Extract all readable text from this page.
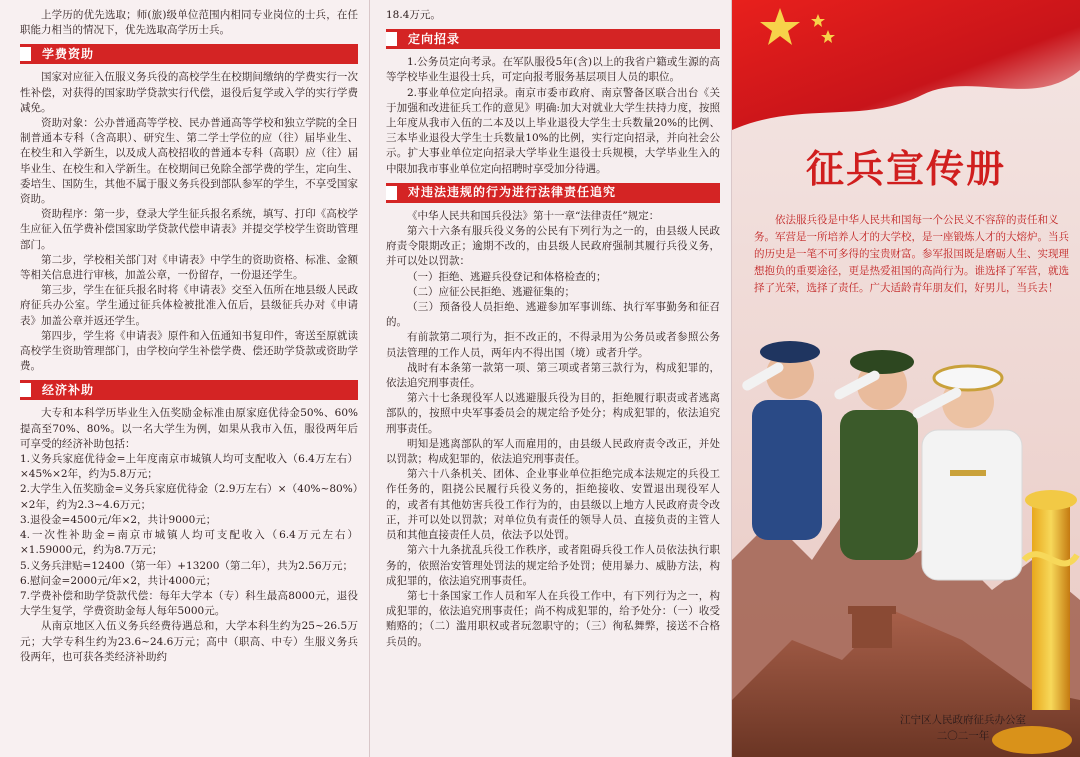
上学历的优先选取；师(旅)级单位范围内相同专业岗位的士兵，在任职能力相当的情况下，优先选取高学历士兵。

学费资助

国家对应征入伍服义务兵役的高校学生在校期间缴纳的学费实行一次性补偿，对获得的国家助学贷款实行代偿，退役后复学或入学的实行学费减免。

资助对象：公办普通高等学校、民办普通高等学校和独立学院的全日制普通本专科（含高职）、研究生、第二学士学位的应（往）届毕业生、在校生和入学新生，以及成人高校招收的普通本专科（高职）应（往）届毕业生、在校生和入学新生。在校期间已免除全部学费的学生，定向生、委培生、国防生，其他不属于服义务兵役到部队参军的学生，不享受国家资助。

资助程序：第一步，登录大学生征兵报名系统，填写、打印《高校学生应征入伍学费补偿国家助学贷款代偿申请表》并提交学校学生资助管理部门。

第二步，学校相关部门对《申请表》中学生的资助资格、标准、金额等相关信息进行审核，加盖公章，一份留存，一份退还学生。

第三步，学生在征兵报名时将《申请表》交至入伍所在地县级人民政府征兵办公室。学生通过征兵体检被批准入伍后，县级征兵办对《申请表》加盖公章并返还学生。

第四步，学生将《申请表》原件和入伍通知书复印件，寄送至原就读高校学生资助管理部门，由学校向学生补偿学费、偿还助学贷款或资助学费。

经济补助

大专和本科学历毕业生入伍奖励金标准由原家庭优待金50%、60%提高至70%、80%。以一名大学生为例，如果从我市入伍，服役两年后可享受的经济补助包括：

1.义务兵家庭优待金=上年度南京市城镇人均可支配收入（6.4万左右）×45%×2年，约为5.8万元；

2.大学生入伍奖励金=义务兵家庭优待金（2.9万左右）×（40%~80%）×2年，约为2.3~4.6万元；

3.退役金=4500元/年×2，共计9000元；

4.一次性补助金=南京市城镇人均可支配收入（6.4万元左右）×1.59000元，约为8.7万元；

5.义务兵津贴=12400（第一年）+13200（第二年），共为2.56万元；

6.慰问金=2000元/年×2，共计4000元；

7.学费补偿和助学贷款代偿：每年大学本（专）科生最高8000元，退役大学生复学，学费资助金每人每年5000元。

从南京地区入伍义务兵经费待遇总和，大学本科生约为25~26.5万元；大学专科生约为23.6~24.6万元；高中（职高、中专）生服义务兵役两年，也可获各类经济补助约

18.4万元。

定向招录

1.公务员定向考录。在军队服役5年(含)以上的我省户籍或生源的高等学校毕业生退役士兵，可定向报考服务基层项目人员的职位。

2.事业单位定向招录。南京市委市政府、南京警备区联合出台《关于加强和改进征兵工作的意见》明确:加大对就业大学生扶持力度，按照上年度从我市入伍的二本及以上毕业退役大学生士兵数量20%的比例、三本毕业退役大学生士兵数量10%的比例，实行定向招录，并向社会公示。扩大事业单位定向招录大学毕业生退役士兵规模，大学毕业生入的中限加我市事业单位定向招聘时享受加分待遇。

对违法违规的行为进行法律责任追究

《中华人民共和国兵役法》第十一章“法律责任”规定：

第六十六条有服兵役义务的公民有下列行为之一的，由县级人民政府责令限期改正；逾期不改的，由县级人民政府强制其履行兵役义务，并可以处以罚款：

（一）拒绝、逃避兵役登记和体格检查的；

（二）应征公民拒绝、逃避征集的；

（三）预备役人员拒绝、逃避参加军事训练、执行军事勤务和征召的。

有前款第二项行为，拒不改正的，不得录用为公务员或者参照公务员法管理的工作人员，两年内不得出国（境）或者升学。

战时有本条第一款第一项、第三项或者第三款行为，构成犯罪的，依法追究刑事责任。

第六十七条现役军人以逃避服兵役为目的，拒绝履行职责或者逃离部队的，按照中央军事委员会的规定给予处分；构成犯罪的，依法追究刑事责任。

明知是逃离部队的军人而雇用的，由县级人民政府责令改正，并处以罚款；构成犯罪的，依法追究刑事责任。

第六十八条机关、团体、企业事业单位拒绝完成本法规定的兵役工作任务的，阻挠公民履行兵役义务的，拒绝接收、安置退出现役军人的，或者有其他妨害兵役工作行为的，由县级以上地方人民政府责令改正，并可以处以罚款；对单位负有责任的领导人员、直接负责的主管人员和其他直接责任人员，依法予以处罚。

第六十九条扰乱兵役工作秩序，或者阻碍兵役工作人员依法执行职务的，依照治安管理处罚法的规定给予处罚；使用暴力、威胁方法，构成犯罪的，依法追究刑事责任。

第七十条国家工作人员和军人在兵役工作中，有下列行为之一，构成犯罪的，依法追究刑事责任；尚不构成犯罪的，给予处分：（一）收受贿赂的；（二）滥用职权或者玩忽职守的；（三）徇私舞弊，接送不合格兵员的。

征兵宣传册
依法服兵役是中华人民共和国每一个公民义不容辞的责任和义务。军营是一所培养人才的大学校，是一座锻炼人才的大熔炉。当兵的历史是一笔不可多得的宝贵财富。参军报国既是磨砺人生、实现理想抱负的重要途径，更是热爱祖国的高尚行为。谁选择了军营，就选择了光荣，选择了责任。广大适龄青年朋友们，好男儿，当兵去！
江宁区人民政府征兵办公室
二〇二一年
